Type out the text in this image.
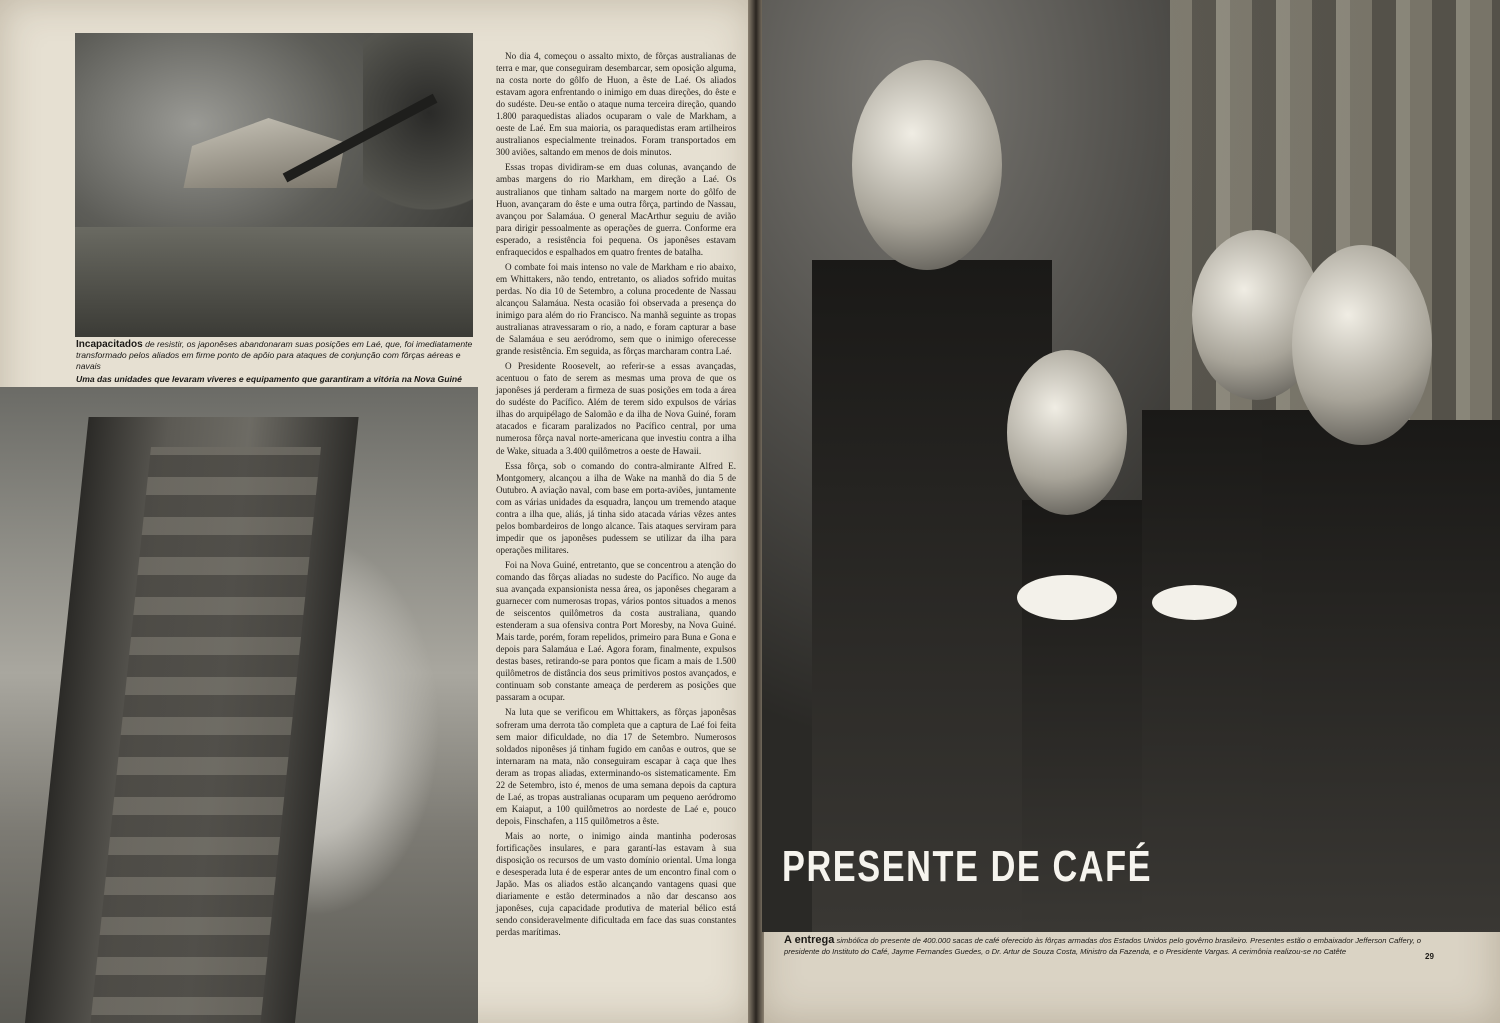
Incapacitados de resistir, os japonêses abandonaram suas posições em Laé, que, foi imediatamente transformado pelos aliados em firme ponto de apôio para ataques de conjunção com fôrças aéreas e navais
Uma das unidades que levaram víveres e equipamento que garantiram a vitória na Nova Guiné

No dia 4, começou o assalto mixto, de fôrças australianas de terra e mar, que conseguiram desembarcar, sem oposição alguma, na costa norte do gôlfo de Huon, a êste de Laé. Os aliados estavam agora enfrentando o inimigo em duas direções, do êste e do sudéste. Deu-se então o ataque numa terceira direção, quando 1.800 paraquedistas aliados ocuparam o vale de Markham, a oeste de Laé. Em sua maioria, os paraquedistas eram artilheiros australianos especialmente treinados. Foram transportados em 300 aviões, saltando em menos de dois minutos.

Essas tropas dividiram-se em duas colunas, avançando de ambas margens do rio Markham, em direção a Laé. Os australianos que tinham saltado na margem norte do gôlfo de Huon, avançaram do êste e uma outra fôrça, partindo de Nassau, avançou por Salamáua. O general MacArthur seguiu de avião para dirigir pessoalmente as operações de guerra. Conforme era esperado, a resistência foi pequena. Os japonêses estavam enfraquecidos e espalhados em quatro frentes de batalha.

O combate foi mais intenso no vale de Markham e rio abaixo, em Whittakers, não tendo, entretanto, os aliados sofrido muitas perdas. No dia 10 de Setembro, a coluna procedente de Nassau alcançou Salamáua. Nesta ocasião foi observada a presença do inimigo para além do rio Francisco. Na manhã seguinte as tropas australianas atravessaram o rio, a nado, e foram capturar a base de Salamáua e seu aeródromo, sem que o inimigo oferecesse grande resistência. Em seguida, as fôrças marcharam contra Laé.

O Presidente Roosevelt, ao referir-se a essas avançadas, acentuou o fato de serem as mesmas uma prova de que os japonêses já perderam a firmeza de suas posições em toda a área do sudéste do Pacífico. Além de terem sido expulsos de várias ilhas do arquipélago de Salomão e da ilha de Nova Guiné, foram atacados e ficaram paralizados no Pacífico central, por uma numerosa fôrça naval norte-americana que investiu contra a ilha de Wake, situada a 3.400 quilômetros a oeste de Hawaii.

Essa fôrça, sob o comando do contra-almirante Alfred E. Montgomery, alcançou a ilha de Wake na manhã do dia 5 de Outubro. A aviação naval, com base em porta-aviões, juntamente com as várias unidades da esquadra, lançou um tremendo ataque contra a ilha que, aliás, já tinha sido atacada várias vêzes antes pelos bombardeiros de longo alcance. Tais ataques serviram para impedir que os japonêses pudessem se utilizar da ilha para operações militares.

Foi na Nova Guiné, entretanto, que se concentrou a atenção do comando das fôrças aliadas no sudeste do Pacífico. No auge da sua avançada expansionista nessa área, os japonêses chegaram a guarnecer com numerosas tropas, vários pontos situados a menos de seiscentos quilômetros da costa australiana, quando estenderam a sua ofensiva contra Port Moresby, na Nova Guiné. Mais tarde, porém, foram repelidos, primeiro para Buna e Gona e depois para Salamáua e Laé. Agora foram, finalmente, expulsos destas bases, retirando-se para pontos que ficam a mais de 1.500 quilômetros de distância dos seus primitivos postos avançados, e continuam sob constante ameaça de perderem as posições que passaram a ocupar.

Na luta que se verificou em Whittakers, as fôrças japonêsas sofreram uma derrota tão completa que a captura de Laé foi feita sem maior dificuldade, no dia 17 de Setembro. Numerosos soldados niponêses já tinham fugido em canôas e outros, que se internaram na mata, não conseguiram escapar à caça que lhes deram as tropas aliadas, exterminando-os sistematicamente. Em 22 de Setembro, isto é, menos de uma semana depois da captura de Laé, as tropas australianas ocuparam um pequeno aeródromo em Kaiaput, a 100 quilômetros ao nordeste de Laé e, pouco depois, Finschafen, a 115 quilômetros a êste.

Mais ao norte, o inimigo ainda mantinha poderosas fortificações insulares, e para garantí-las estavam à sua disposição os recursos de um vasto domínio oriental. Uma longa e desesperada luta é de esperar antes de um encontro final com o Japão. Mas os aliados estão alcançando vantagens quasi que diariamente e estão determinados a não dar descanso aos japonêses, cuja capacidade produtiva de material bélico está sendo consideravelmente dificultada em face das suas constantes perdas marítimas.

PRESENTE DE CAFÉ
A entrega simbólica do presente de 400.000 sacas de café oferecido às fôrças armadas dos Estados Unidos pelo govêrno brasileiro. Presentes estão o embaixador Jefferson Caffery, o presidente do Instituto do Café, Jayme Fernandes Guedes, o Dr. Artur de Souza Costa, Ministro da Fazenda, e o Presidente Vargas. A cerimônia realizou-se no Catête
29
